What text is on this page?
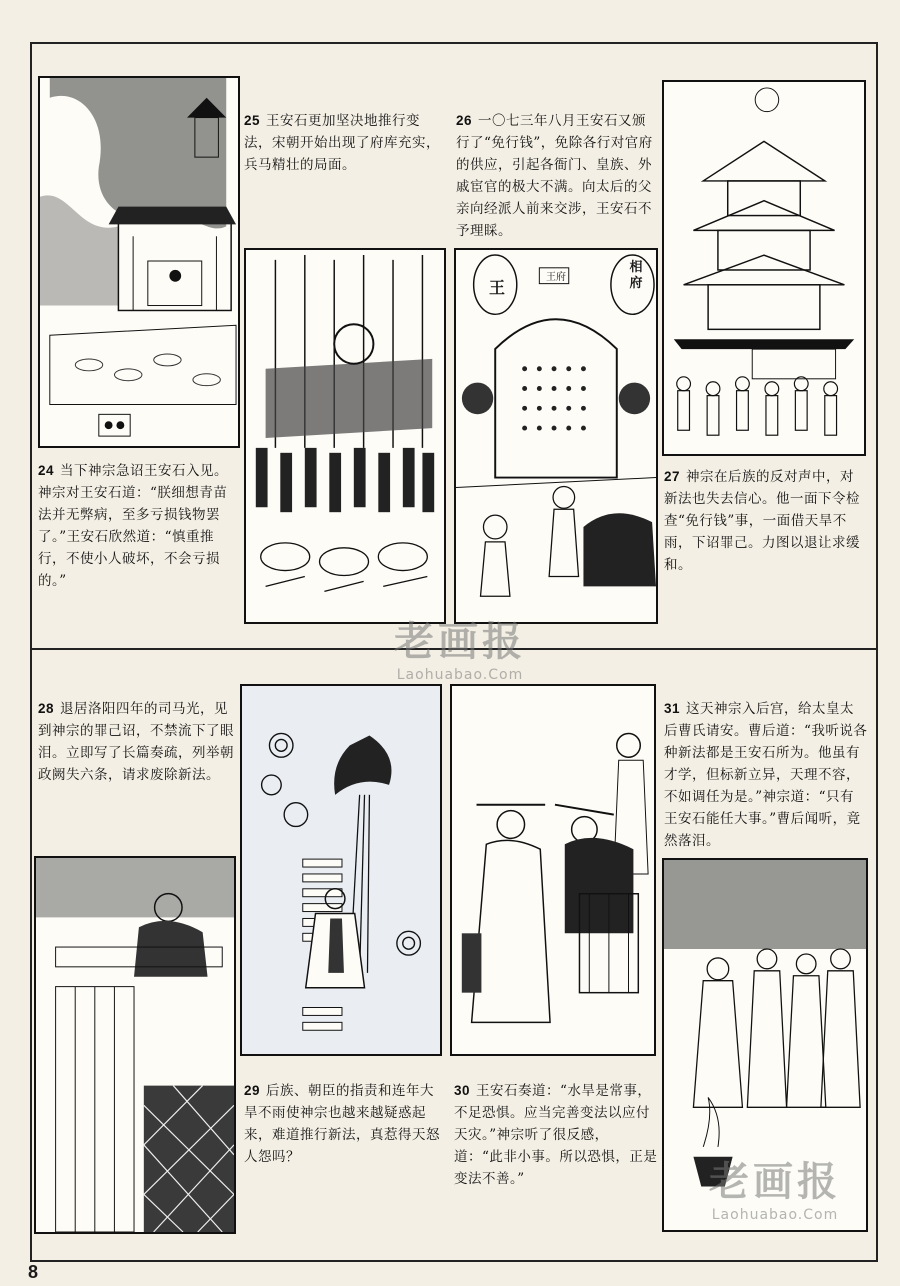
王
王府
相府
25 王安石更加坚决地推行变法，宋朝开始出现了府库充实，兵马精壮的局面。
26 一〇七三年八月王安石又颁行了“免行钱”，免除各行对官府的供应，引起各衙门、皇族、外戚宦官的极大不满。向太后的父亲向经派人前来交涉，王安石不予理睬。
24 当下神宗急诏王安石入见。神宗对王安石道：“朕细想青苗法并无弊病，至多亏损钱物罢了。”王安石欣然道：“慎重推行，不使小人破坏，不会亏损的。”
27 神宗在后族的反对声中，对新法也失去信心。他一面下令检查“免行钱”事，一面借天旱不雨，下诏罪己。力图以退让求缓和。
28 退居洛阳四年的司马光，见到神宗的罪己诏，不禁流下了眼泪。立即写了长篇奏疏，列举朝政阙失六条，请求废除新法。
31 这天神宗入后宫，给太皇太后曹氏请安。曹后道：“我听说各种新法都是王安石所为。他虽有才学，但标新立异，天理不容，不如调任为是。”神宗道：“只有王安石能任大事。”曹后闻听，竟然落泪。
29 后族、朝臣的指责和连年大旱不雨使神宗也越来越疑惑起来，难道推行新法，真惹得天怒人怨吗？
30 王安石奏道：“水旱是常事，不足恐惧。应当完善变法以应付天灾。”神宗听了很反感，道：“此非小事。所以恐惧，正是变法不善。”
老画报
Laohuabao.Com
老画报
Laohuabao.Com
8
